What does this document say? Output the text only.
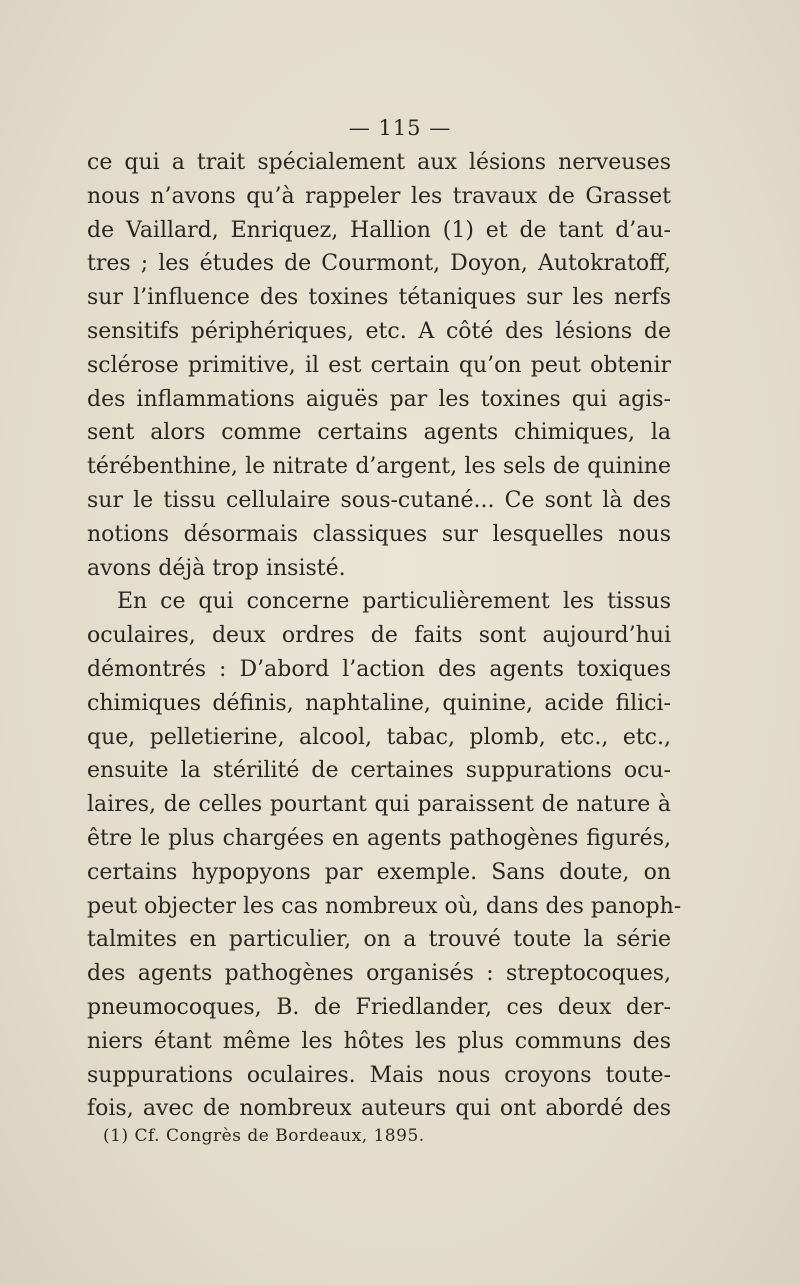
— 115 —
ce qui a trait spécialement aux lésions nerveuses
nous n’avons qu’à rappeler les travaux de Grasset
de Vaillard, Enriquez, Hallion (1) et de tant d’au-
tres ; les études de Courmont, Doyon, Autokratoff,
sur l’influence des toxines tétaniques sur les nerfs
sensitifs périphériques, etc. A côté des lésions de
sclérose primitive, il est certain qu’on peut obtenir
des inflammations aiguës par les toxines qui agis-
sent alors comme certains agents chimiques, la
térébenthine, le nitrate d’argent, les sels de quinine
sur le tissu cellulaire sous-cutané... Ce sont là des
notions désormais classiques sur lesquelles nous
avons déjà trop insisté.
En ce qui concerne particulièrement les tissus
oculaires, deux ordres de faits sont aujourd’hui
démontrés : D’abord l’action des agents toxiques
chimiques définis, naphtaline, quinine, acide filici-
que, pelletierine, alcool, tabac, plomb, etc., etc.,
ensuite la stérilité de certaines suppurations ocu-
laires, de celles pourtant qui paraissent de nature à
être le plus chargées en agents pathogènes figurés,
certains hypopyons par exemple. Sans doute, on
peut objecter les cas nombreux où, dans des panoph-
talmites en particulier, on a trouvé toute la série
des agents pathogènes organisés : streptocoques,
pneumocoques, B. de Friedlander, ces deux der-
niers étant même les hôtes les plus communs des
suppurations oculaires. Mais nous croyons toute-
fois, avec de nombreux auteurs qui ont abordé des
(1) Cf. Congrès de Bordeaux, 1895.
